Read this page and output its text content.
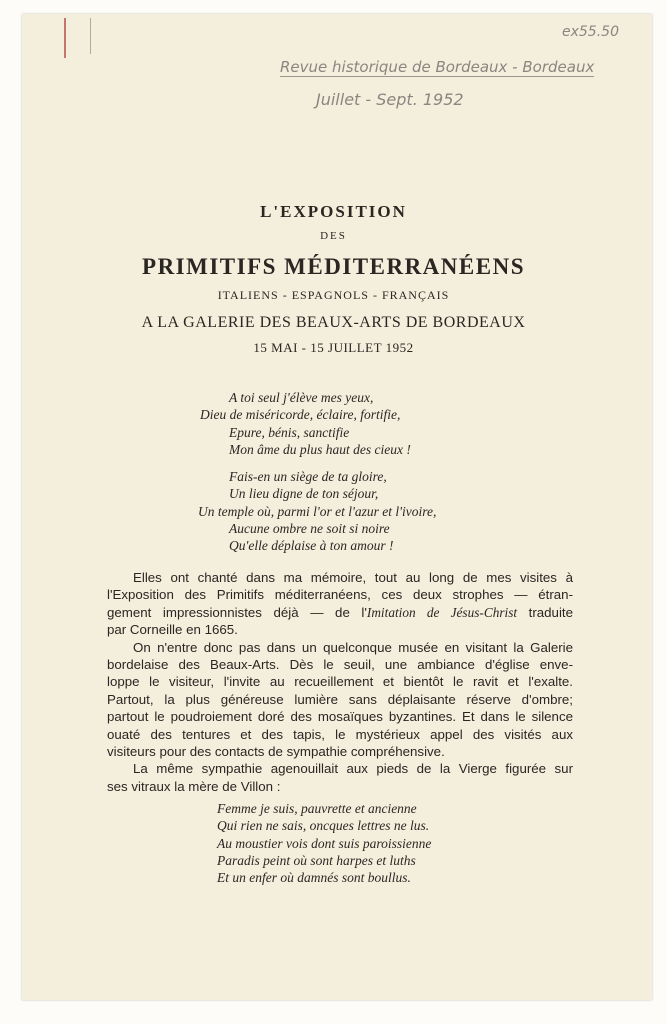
ex55.50
Revue historique de Bordeaux - Bordeaux
Juillet - Sept. 1952
L'EXPOSITION
DES
PRIMITIFS MÉDITERRANÉENS
ITALIENS - ESPAGNOLS - FRANÇAIS
A LA GALERIE DES BEAUX-ARTS DE BORDEAUX
15 MAI - 15 JUILLET 1952
A toi seul j'élève mes yeux,
Dieu de miséricorde, éclaire, fortifie,
Epure, bénis, sanctifie
Mon âme du plus haut des cieux !
Fais-en un siège de ta gloire,
Un lieu digne de ton séjour,
Un temple où, parmi l'or et l'azur et l'ivoire,
Aucune ombre ne soit si noire
Qu'elle déplaise à ton amour !
Elles ont chanté dans ma mémoire, tout au long de mes visites à
l'Exposition des Primitifs méditerranéens, ces deux strophes — étran-
gement impressionnistes déjà — de l'Imitation de Jésus-Christ traduite
par Corneille en 1665.
On n'entre donc pas dans un quelconque musée en visitant la Galerie
bordelaise des Beaux-Arts. Dès le seuil, une ambiance d'église enve-
loppe le visiteur, l'invite au recueillement et bientôt le ravit et l'exalte.
Partout, la plus généreuse lumière sans déplaisante réserve d'ombre;
partout le poudroiement doré des mosaïques byzantines. Et dans le silence
ouaté des tentures et des tapis, le mystérieux appel des visités aux
visiteurs pour des contacts de sympathie compréhensive.
La même sympathie agenouillait aux pieds de la Vierge figurée sur
ses vitraux la mère de Villon :
Femme je suis, pauvrette et ancienne
Qui rien ne sais, oncques lettres ne lus.
Au moustier vois dont suis paroissienne
Paradis peint où sont harpes et luths
Et un enfer où damnés sont boullus.
